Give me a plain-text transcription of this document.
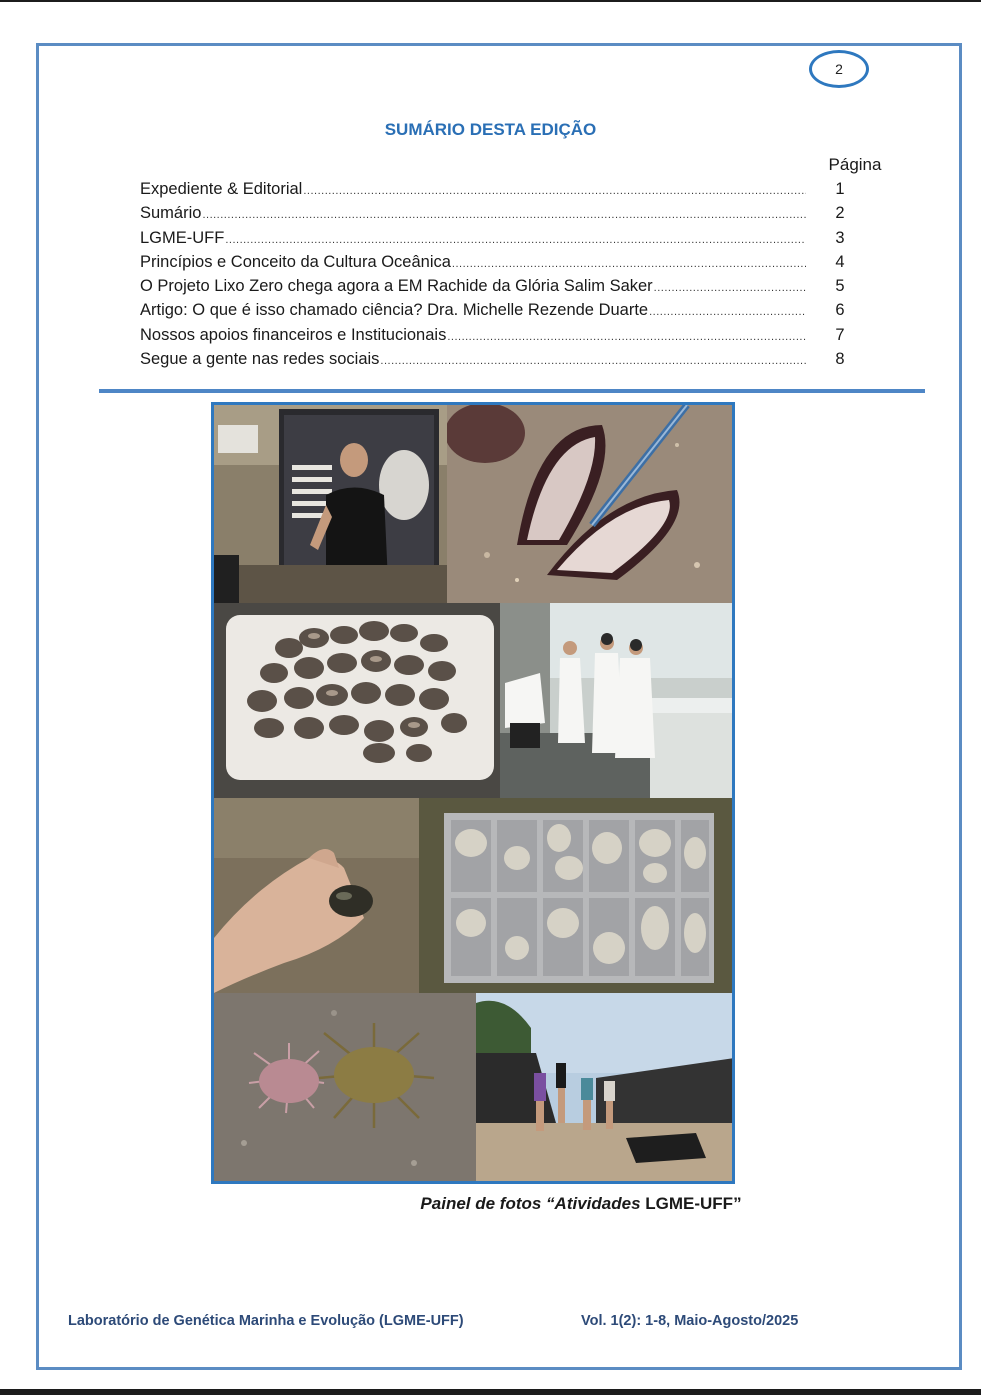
2
SUMÁRIO DESTA EDIÇÃO
Página
Expediente & Editorial .....	1
Sumário .....	2
LGME-UFF .....	3
Princípios e Conceito da Cultura Oceânica .....	4
O Projeto Lixo Zero chega agora a EM Rachide da Glória Salim Saker .....	5
Artigo: O que é isso chamado ciência? Dra. Michelle Rezende Duarte .....	6
Nossos apoios financeiros e Institucionais .....	7
Segue a gente nas redes sociais .....	8
Painel de fotos “Atividades LGME-UFF”
Laboratório de Genética Marinha e Evolução (LGME-UFF)	Vol. 1(2): 1-8, Maio-Agosto/2025
